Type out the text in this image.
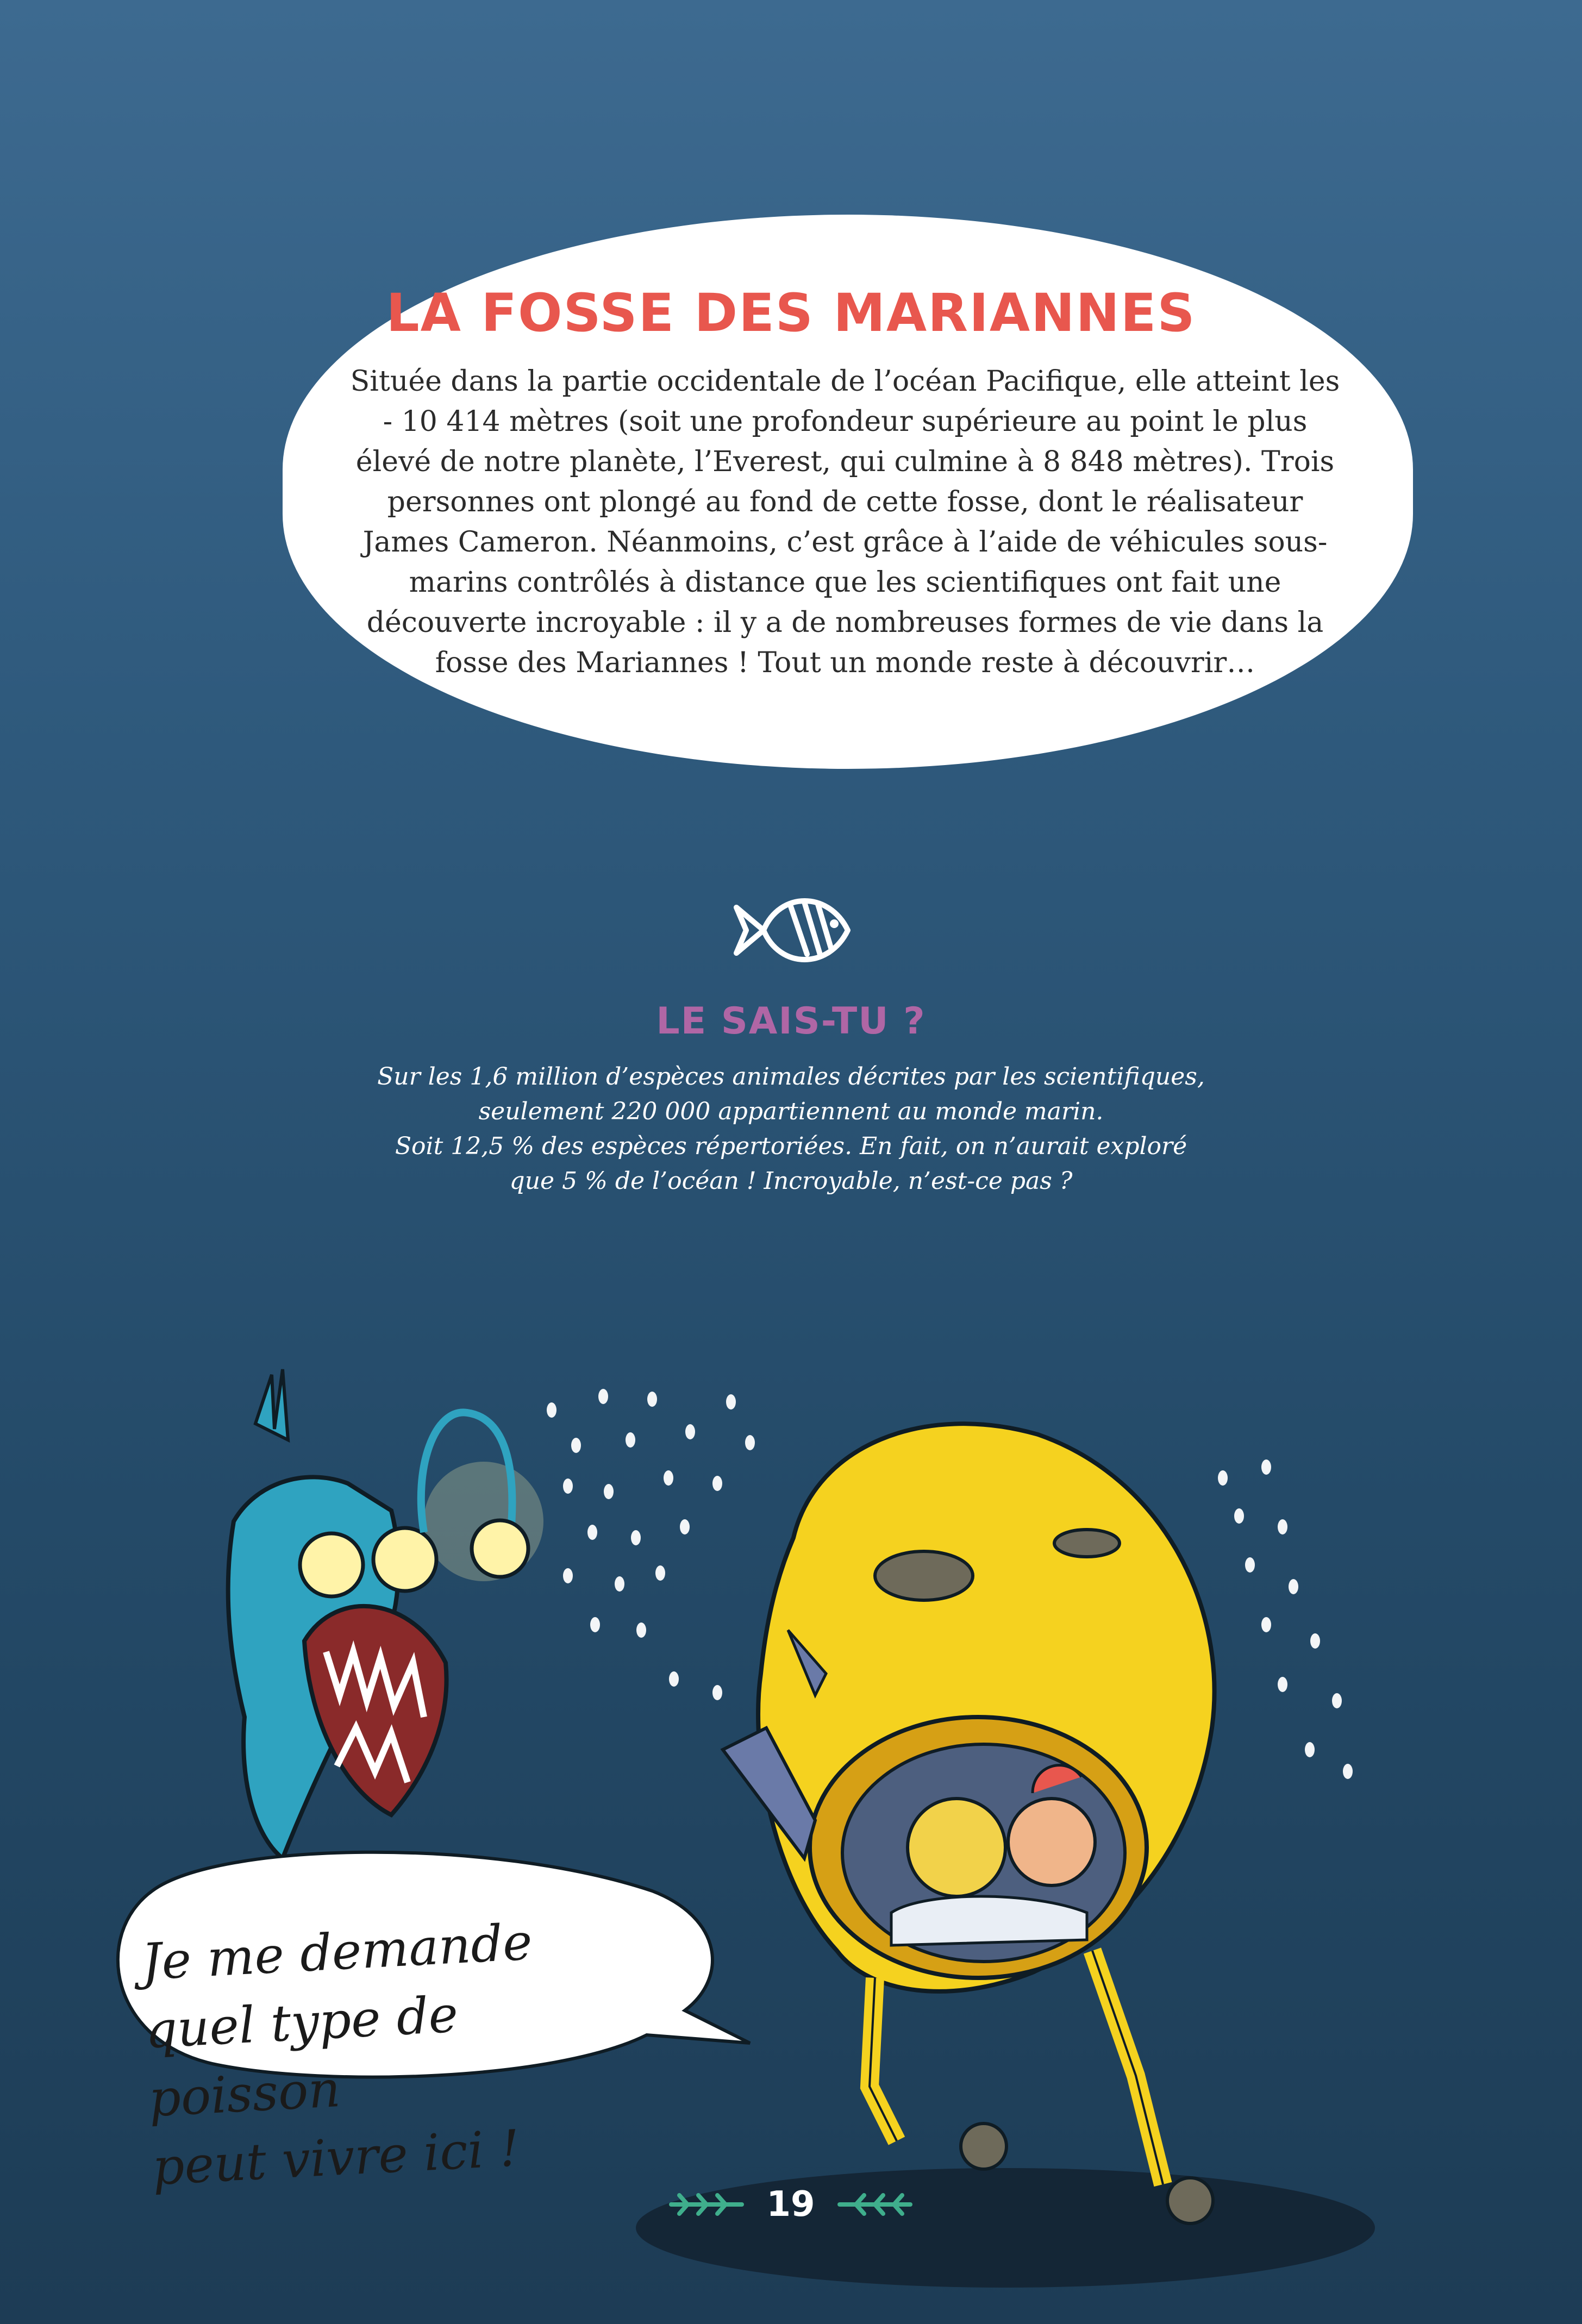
LA FOSSE DES MARIANNES
Située dans la partie occidentale de l’océan Pacifique, elle atteint les - 10 414 mètres (soit une profondeur supérieure au point le plus élevé de notre planète, l’Everest, qui culmine à 8 848 mètres). Trois personnes ont plongé au fond de cette fosse, dont le réalisateur James Cameron. Néanmoins, c’est grâce à l’aide de véhicules sous-marins contrôlés à distance que les scientifiques ont fait une découverte incroyable : il y a de nombreuses formes de vie dans la fosse des Mariannes ! Tout un monde reste à découvrir…
LE SAIS-TU ?
Sur les 1,6 million d’espèces animales décrites par les scientifiques,
seulement 220 000 appartiennent au monde marin.
Soit 12,5 % des espèces répertoriées. En fait, on n’aurait exploré
que 5 % de l’océan ! Incroyable, n’est-ce pas ?
Je me demande
quel type de poisson
peut vivre ici !
19
